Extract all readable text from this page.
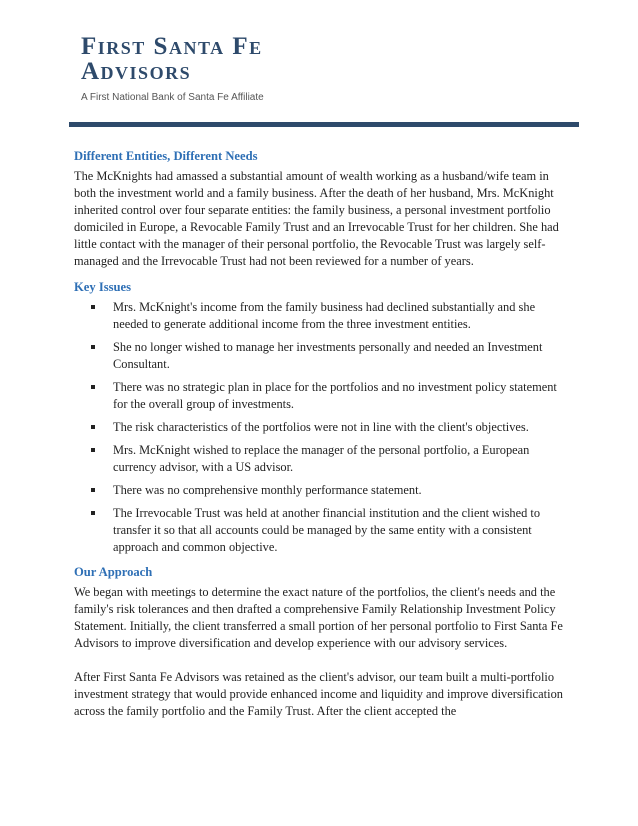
First Santa Fe
Advisors
A First National Bank of Santa Fe Affiliate
Different Entities, Different Needs

The McKnights had amassed a substantial amount of wealth working as a husband/wife team in both the investment world and a family business. After the death of her husband, Mrs. McKnight inherited control over four separate entities: the family business, a personal investment portfolio domiciled in Europe, a Revocable Family Trust and an Irrevocable Trust for her children. She had little contact with the manager of their personal portfolio, the Revocable Trust was largely self-managed and the Irrevocable Trust had not been reviewed for a number of years.

Key Issues
Mrs. McKnight's income from the family business had declined substantially and she needed to generate additional income from the three investment entities.
She no longer wished to manage her investments personally and needed an Investment Consultant.
There was no strategic plan in place for the portfolios and no investment policy statement for the overall group of investments.
The risk characteristics of the portfolios were not in line with the client's objectives.
Mrs. McKnight wished to replace the manager of the personal portfolio, a European currency advisor, with a US advisor.
There was no comprehensive monthly performance statement.
The Irrevocable Trust was held at another financial institution and the client wished to transfer it so that all accounts could be managed by the same entity with a consistent approach and common objective.
Our Approach

We began with meetings to determine the exact nature of the portfolios, the client's needs and the family's risk tolerances and then drafted a comprehensive Family Relationship Investment Policy Statement. Initially, the client transferred a small portion of her personal portfolio to First Santa Fe Advisors to improve diversification and develop experience with our advisory services.

After First Santa Fe Advisors was retained as the client's advisor, our team built a multi-portfolio investment strategy that would provide enhanced income and liquidity and improve diversification across the family portfolio and the Family Trust. After the client accepted the
